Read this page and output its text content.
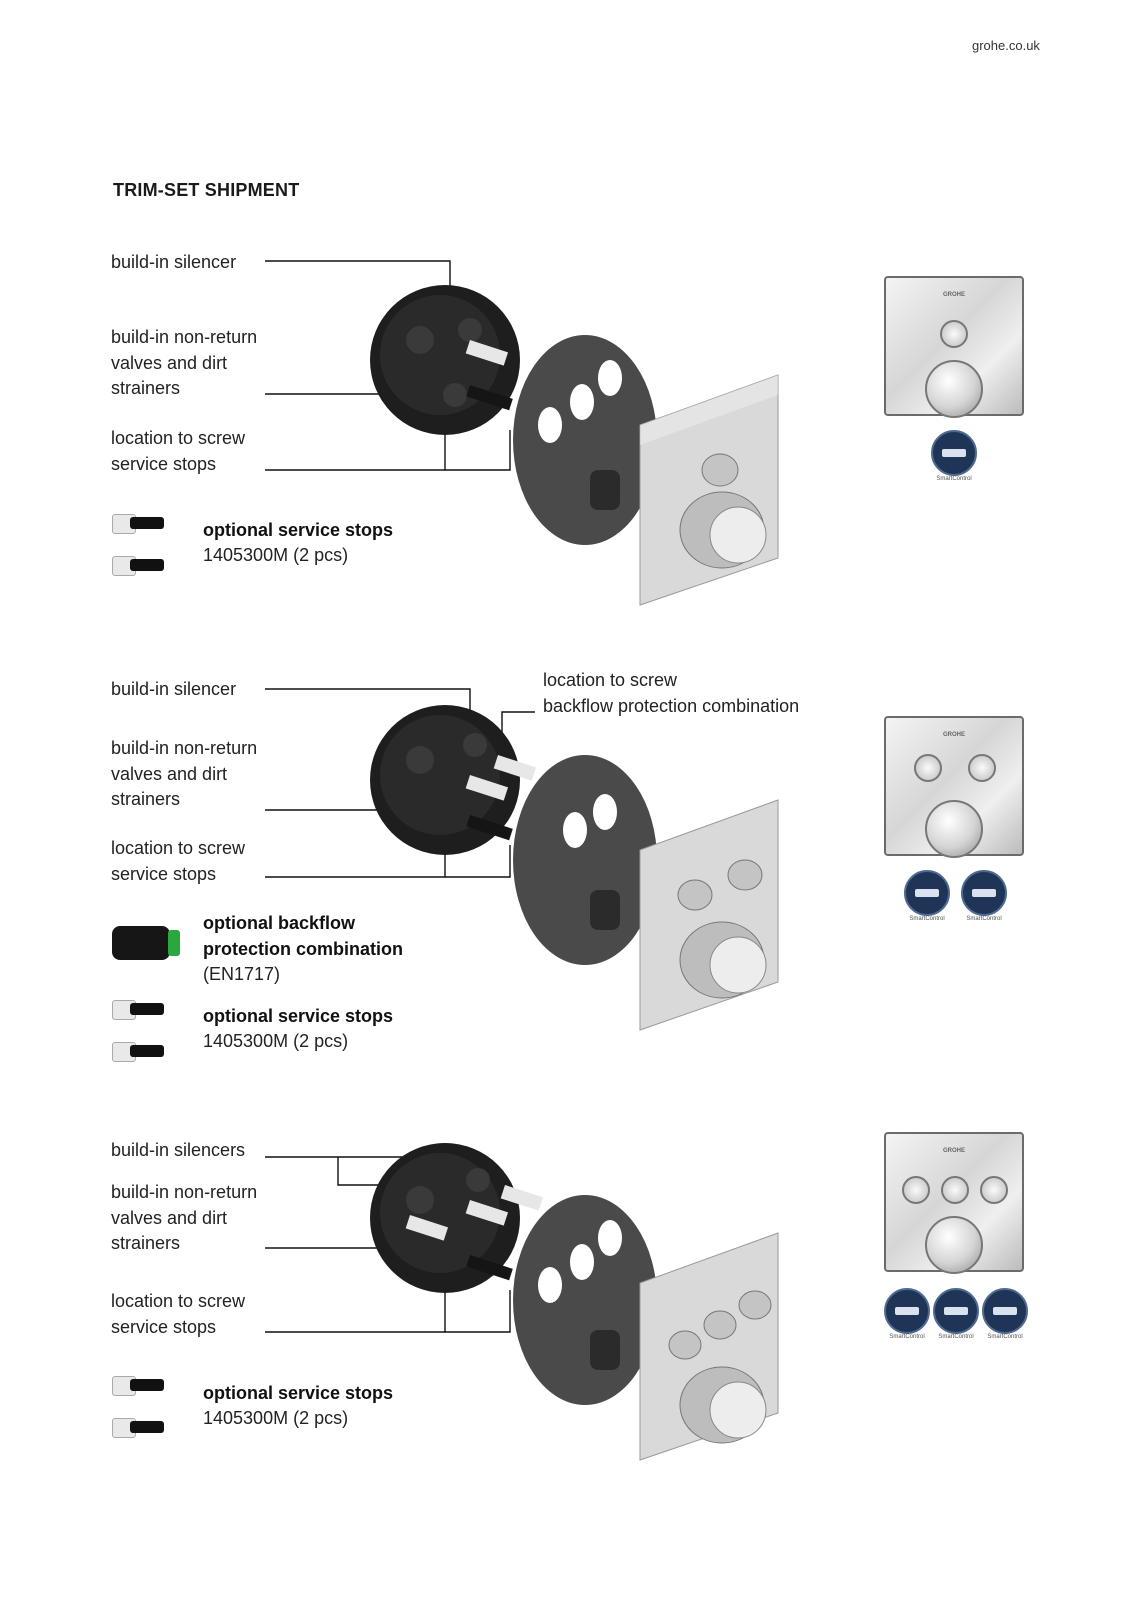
grohe.co.uk
TRIM-SET SHIPMENT
build-in silencer
build-in non-return
valves and dirt
strainers
location to screw
service stops
optional service stops
1405300M (2 pcs)
GROHE
SmartControl
build-in silencer	location to screw
backflow protection combination
build-in non-return
valves and dirt
strainers
location to screw
service stops
optional backflow
protection combination
(EN1717)
optional service stops
1405300M (2 pcs)
GROHE
SmartControl	SmartControl
build-in silencers
build-in non-return
valves and dirt
strainers
location to screw
service stops
optional service stops
1405300M (2 pcs)
GROHE
SmartControl	SmartControl	SmartControl
